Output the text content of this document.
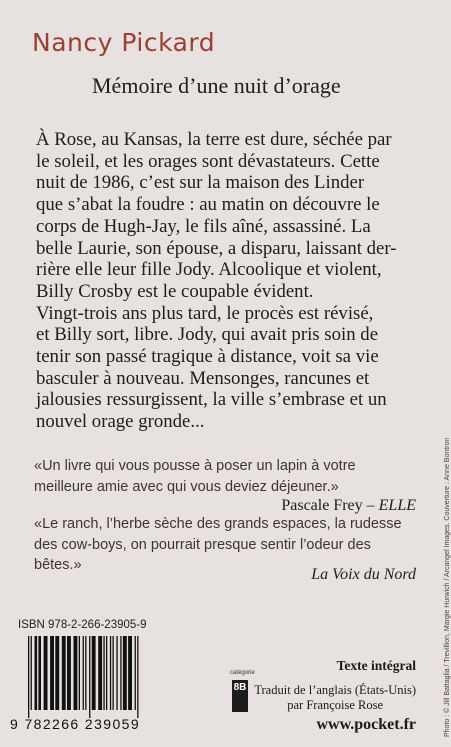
Nancy Pickard
Mémoire d’une nuit d’orage
À Rose, au Kansas, la terre est dure, séchée par
le soleil, et les orages sont dévastateurs. Cette
nuit de 1986, c’est sur la maison des Linder
que s’abat la foudre : au matin on découvre le
corps de Hugh-Jay, le fils aîné, assassiné. La
belle Laurie, son épouse, a disparu, laissant der-
rière elle leur fille Jody. Alcoolique et violent,
Billy Crosby est le coupable évident.
Vingt-trois ans plus tard, le procès est révisé,
et Billy sort, libre. Jody, qui avait pris soin de
tenir son passé tragique à distance, voit sa vie
basculer à nouveau. Mensonges, rancunes et
jalousies ressurgissent, la ville s’embrase et un
nouvel orage gronde...

«Un livre qui vous pousse à poser un lapin à votre
meilleure amie avec qui vous deviez déjeuner.»

Pascale Frey – ELLE

«Le ranch, l’herbe sèche des grands espaces, la rudesse
des cow-boys, on pourrait presque sentir l’odeur des
bêtes.»

La Voix du Nord	Photo : © Jill Battaglia / Trevillion, Margie Hurwich / Arcangel Images. Couverture : Anne Bontron

ISBN 978-2-266-23905-9

9 782266 239059

catégorie
8B

Texte intégral

Traduit de l’anglais (États-Unis)
par Françoise Rose

www.pocket.fr
